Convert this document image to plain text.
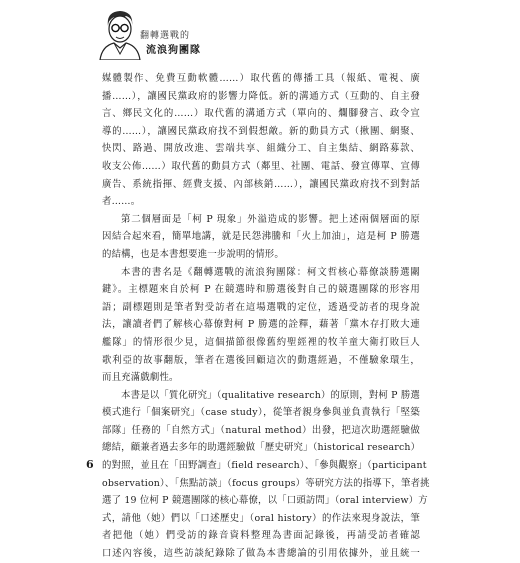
翻轉選戰的
流浪狗團隊
媒體製作、免費互動軟體……）取代舊的傳播工具（報紙、電視、廣
播……），讓國民黨政府的影響力降低。新的溝通方式（互動的、自主發
言、鄉民文化的……）取代舊的溝通方式（單向的、爛腳發言、政令宣
導的……），讓國民黨政府找不到假想敵。新的動員方式（揪團、網聚、
快閃、路過、開放改進、雲端共享、組織分工、自主集結、網路募款、
收支公佈……）取代舊的動員方式（鄰里、社團、電話、發宣傳單、宣傳
廣告、系統指揮、經費支援、內部核銷……），讓國民黨政府找不到對話
者……。
第二個層面是「柯 P 現象」外溢造成的影響。把上述兩個層面的原
因結合起來看，簡單地講，就是民怨沸騰和「火上加油」，這是柯 P 勝選
的結構，也是本書想要進一步說明的情形。
本書的書名是《翻轉選戰的流浪狗團隊：柯文哲核心幕僚談勝選關
鍵》。主標題來自於柯 P 在競選時和勝選後對自己的競選團隊的形容用
語；副標題則是筆者對受訪者在這場選戰的定位，透過受訪者的現身說
法，讓讀者們了解核心幕僚對柯 P 勝選的詮釋，藉著「黨木存打敗大連
艦隊」的情形很少見，這個描節很像舊約聖經裡的牧羊童大衛打敗巨人
歌利亞的故事翻版，筆者在選後回顧這次的動選經過，不僅驗象環生，
而且充滿戲劇性。
本書是以「質化研究」（qualitative research）的原則，對柯 P 勝選
模式進行「個案研究」（case study），從筆者親身參與並負責執行「堅築
部隊」任務的「自然方式」（natural method）出發，把這次助選經驗做
總結，顧兼者過去多年的助選經驗做「歷史研究」（historical research）
的對照，並且在「田野調查」（field research）、「參與觀察」（participant
observation）、「焦點訪談」（focus groups）等研究方法的指導下，筆者挑
選了 19 位柯 P 競選團隊的核心幕僚，以「口頭訪問」（oral interview）方
式，請他（她）們以「口述歷史」（oral history）的作法來現身說法，筆
者把他（她）們受訪的錄音資料整理為書面記錄後，再請受訪者確認
口述內容後，這些訪談紀錄除了做為本書總論的引用依據外，並且統一
6
